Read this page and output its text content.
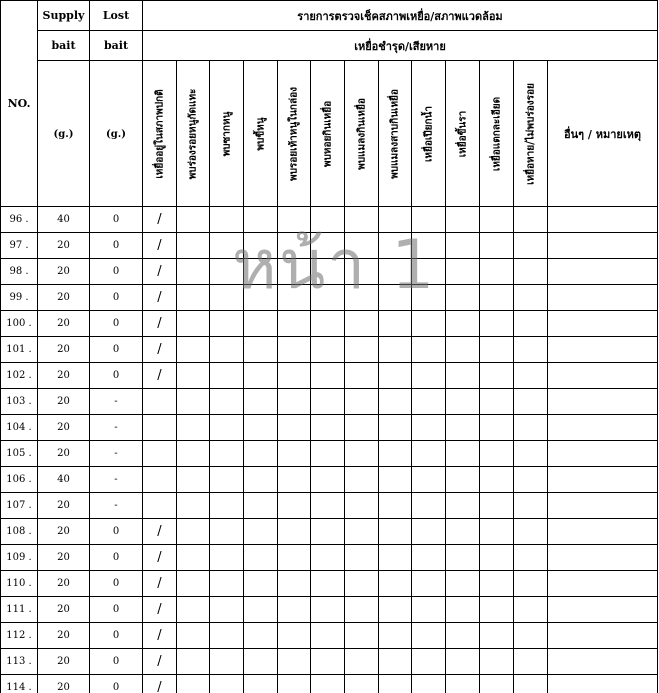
NO.	Supply	Lost	รายการตรวจเช็คสภาพเหยื่อ/สภาพแวดล้อม												
	bait	bait	เหยื่อชำรุด/เสียหาย												
	(g.)	(g.)	เหยื่ออยู่ในสภาพปกติ	พบร่องรอยหนูกัดแทะ	พบซากหนู	พบขี้หนู	พบรอยเท้าหนูในกล่อง	พบหอยกินเหยื่อ	พบแมลงกินเหยื่อ	พบแมลงสาบกินเหยื่อ	เหยื่อเปียกน้ำ	เหยื่อขึ้นรา	เหยื่อแตกละเอียด	เหยื่อหาย/ไม่พบร่องรอย	อื่นๆ / หมายเหตุ
96 .	40	0	/												
97 .	20	0	/												
98 .	20	0	/												
99 .	20	0	/												
100 .	20	0	/												
101 .	20	0	/												
102 .	20	0	/												
103 .	20	-													
104 .	20	-													
105 .	20	-													
106 .	40	-													
107 .	20	-													
108 .	20	0	/												
109 .	20	0	/												
110 .	20	0	/												
111 .	20	0	/												
112 .	20	0	/												
113 .	20	0	/												
114 .	20	0	/												
หน้า 1
